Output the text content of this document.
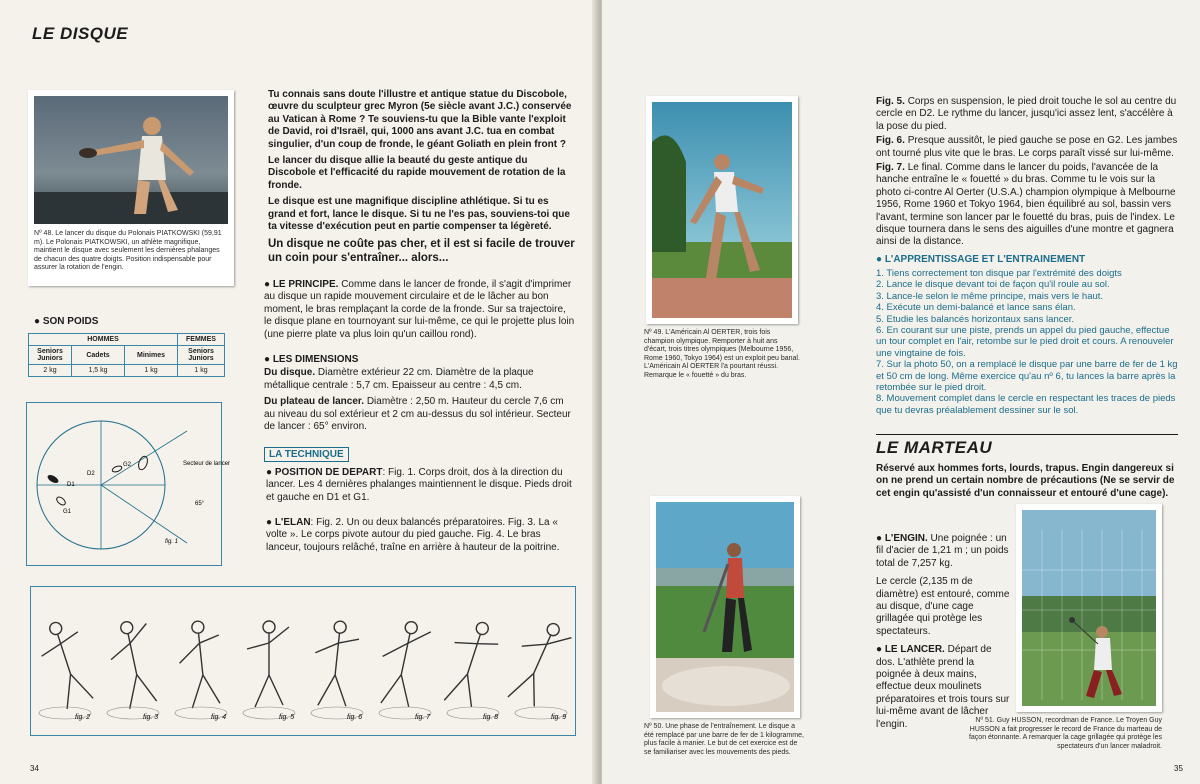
LE DISQUE
Nº 48. Le lancer du disque du Polonais PIATKOWSKI (59,91 m). Le Polonais PIATKOWSKI, un athlète magnifique, maintient le disque avec seulement les dernières phalanges de chacun des quatre doigts. Position indispensable pour assurer la rotation de l'engin.

Tu connais sans doute l'illustre et antique statue du Discobole, œuvre du sculpteur grec Myron (5e siècle avant J.C.) conservée au Vatican à Rome ? Te souviens-tu que la Bible vante l'exploit de David, roi d'Israël, qui, 1000 ans avant J.C. tua en combat singulier, d'un coup de fronde, le géant Goliath en plein front ?

Le lancer du disque allie la beauté du geste antique du Discobole et l'efficacité du rapide mouvement de rotation de la fronde.

Le disque est une magnifique discipline athlétique. Si tu es grand et fort, lance le disque. Si tu ne l'es pas, souviens-toi que ta vitesse d'exécution peut en partie compenser ta légèreté.

Un disque ne coûte pas cher, et il est si facile de trouver un coin pour s'entraîner... alors...

● LE PRINCIPE. Comme dans le lancer de fronde, il s'agit d'imprimer au disque un rapide mouvement circulaire et de le lâcher au bon moment, le bras remplaçant la corde de la fronde. Sur sa trajectoire, le disque plane en tournoyant sur lui-même, ce qui le projette plus loin (une pierre plate va plus loin qu'un caillou rond).
● LES DIMENSIONS
Du disque. Diamètre extérieur 22 cm. Diamètre de la plaque métallique centrale : 5,7 cm. Epaisseur au centre : 4,5 cm.
Du plateau de lancer. Diamètre : 2,50 m. Hauteur du cercle 7,6 cm au niveau du sol extérieur et 2 cm au-dessus du sol intérieur. Secteur de lancer : 65° environ.
LA TECHNIQUE
● POSITION DE DEPART: Fig. 1. Corps droit, dos à la direction du lancer. Les 4 dernières phalanges maintiennent le disque. Pieds droit et gauche en D1 et G1.
● L'ELAN: Fig. 2. Un ou deux balancés préparatoires. Fig. 3. La « volte ». Le corps pivote autour du pied gauche. Fig. 4. Le bras lanceur, toujours relâché, traîne en arrière à hauteur de la poitrine.
● SON POIDS
HOMMES			FEMMES
Seniors Juniors	Cadets	Minimes	Seniors Juniors
2 kg	1,5 kg	1 kg	1 kg
D1
G1
G2
D2
Secteur de lancer
65°
fig. 1
fig. 2	fig. 3	fig. 4	fig. 5	fig. 6	fig. 7	fig. 8	fig. 9
34
Nº 49. L'Américain Al OERTER, trois fois champion olympique. Remporter à huit ans d'écart, trois titres olympiques (Melbourne 1956, Rome 1960, Tokyo 1964) est un exploit peu banal. L'Américain Al OERTER l'a pourtant réussi. Remarque le « fouetté » du bras.
Nº 50. Une phase de l'entraînement. Le disque a été remplacé par une barre de fer de 1 kilogramme, plus facile à manier. Le but de cet exercice est de se familiariser avec les mouvements des pieds.
Fig. 5. Corps en suspension, le pied droit touche le sol au centre du cercle en D2. Le rythme du lancer, jusqu'ici assez lent, s'accélère à la pose du pied.
Fig. 6. Presque aussitôt, le pied gauche se pose en G2. Les jambes ont tourné plus vite que le bras. Le corps paraît vissé sur lui-même.
Fig. 7. Le final. Comme dans le lancer du poids, l'avancée de la hanche entraîne le « fouetté » du bras. Comme tu le vois sur la photo ci-contre Al Oerter (U.S.A.) champion olympique à Melbourne 1956, Rome 1960 et Tokyo 1964, bien équilibré au sol, bassin vers l'avant, termine son lancer par le fouetté du bras, puis de l'index. Le disque tournera dans le sens des aiguilles d'une montre et gagnera ainsi de la distance.
● L'APPRENTISSAGE ET L'ENTRAINEMENT
1. Tiens correctement ton disque par l'extrémité des doigts
2. Lance le disque devant toi de façon qu'il roule au sol.
3. Lance-le selon le même principe, mais vers le haut.
4. Exécute un demi-balancé et lance sans élan.
5. Etudie les balancés horizontaux sans lancer.
6. En courant sur une piste, prends un appel du pied gauche, effectue un tour complet en l'air, retombe sur le pied droit et cours. A renouveler une vingtaine de fois.
7. Sur la photo 50, on a remplacé le disque par une barre de fer de 1 kg et 50 cm de long. Même exercice qu'au nº 6, tu lances la barre après la retombée sur le pied droit.
8. Mouvement complet dans le cercle en respectant les traces de pieds que tu devras préalablement dessiner sur le sol.
LE MARTEAU
Réservé aux hommes forts, lourds, trapus. Engin dangereux si on ne prend un certain nombre de précautions (Ne se servir de cet engin qu'assisté d'un connaisseur et entouré d'une cage).
● L'ENGIN. Une poignée : un fil d'acier de 1,21 m ; un poids total de 7,257 kg.
Le cercle (2,135 m de diamètre) est entouré, comme au disque, d'une cage grillagée qui protège les spectateurs.
● LE LANCER. Départ de dos. L'athlète prend la poignée à deux mains, effectue deux moulinets préparatoires et trois tours sur lui-même avant de lâcher l'engin.	Nº 51. Guy HUSSON, recordman de France. Le Troyen Guy HUSSON a fait progresser le record de France du marteau de façon étonnante. A remarquer la cage grillagée qui protège les spectateurs d'un lancer maladroit.
35
